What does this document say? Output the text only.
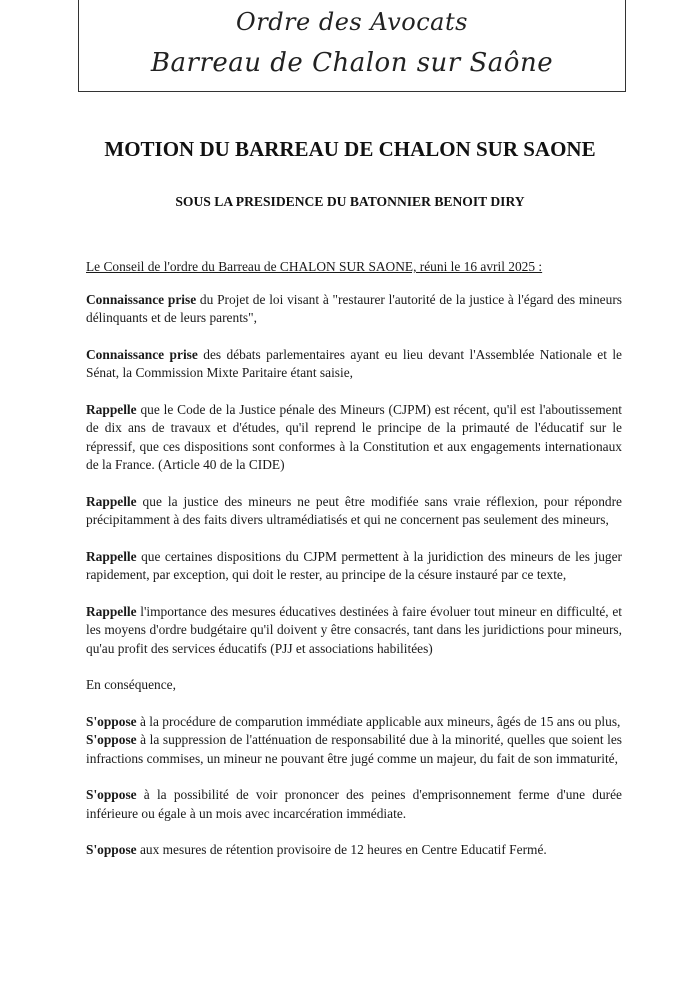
Ordre des Avocats
Barreau de Chalon sur Saône
MOTION DU BARREAU DE CHALON SUR SAONE
SOUS LA PRESIDENCE DU BATONNIER BENOIT DIRY

Le Conseil de l'ordre du Barreau de CHALON SUR SAONE, réuni le 16 avril 2025 :

Connaissance prise du Projet de loi visant à "restaurer l'autorité de la justice à l'égard des mineurs délinquants et de leurs parents",

Connaissance prise des débats parlementaires ayant eu lieu devant l'Assemblée Nationale et le Sénat, la Commission Mixte Paritaire étant saisie,

Rappelle que le Code de la Justice pénale des Mineurs (CJPM) est récent, qu'il est l'aboutissement de dix ans de travaux et d'études, qu'il reprend le principe de la primauté de l'éducatif sur le répressif, que ces dispositions sont conformes à la Constitution et aux engagements internationaux de la France. (Article 40 de la CIDE)

Rappelle que la justice des mineurs ne peut être modifiée sans vraie réflexion, pour répondre précipitamment à des faits divers ultramédiatisés et qui ne concernent pas seulement des mineurs,

Rappelle que certaines dispositions du CJPM permettent à la juridiction des mineurs de les juger rapidement, par exception, qui doit le rester, au principe de la césure instauré par ce texte,

Rappelle l'importance des mesures éducatives destinées à faire évoluer tout mineur en difficulté, et les moyens d'ordre budgétaire qu'il doivent y être consacrés, tant dans les juridictions pour mineurs, qu'au profit des services éducatifs (PJJ et associations habilitées)

En conséquence,

S'oppose à la procédure de comparution immédiate applicable aux mineurs, âgés de 15 ans ou plus,

S'oppose à la suppression de l'atténuation de responsabilité due à la minorité, quelles que soient les infractions commises, un mineur ne pouvant être jugé comme un majeur, du fait de son immaturité,

S'oppose à la possibilité de voir prononcer des peines d'emprisonnement ferme d'une durée inférieure ou égale à un mois avec incarcération immédiate.

S'oppose aux mesures de rétention provisoire de 12 heures en Centre Educatif Fermé.
